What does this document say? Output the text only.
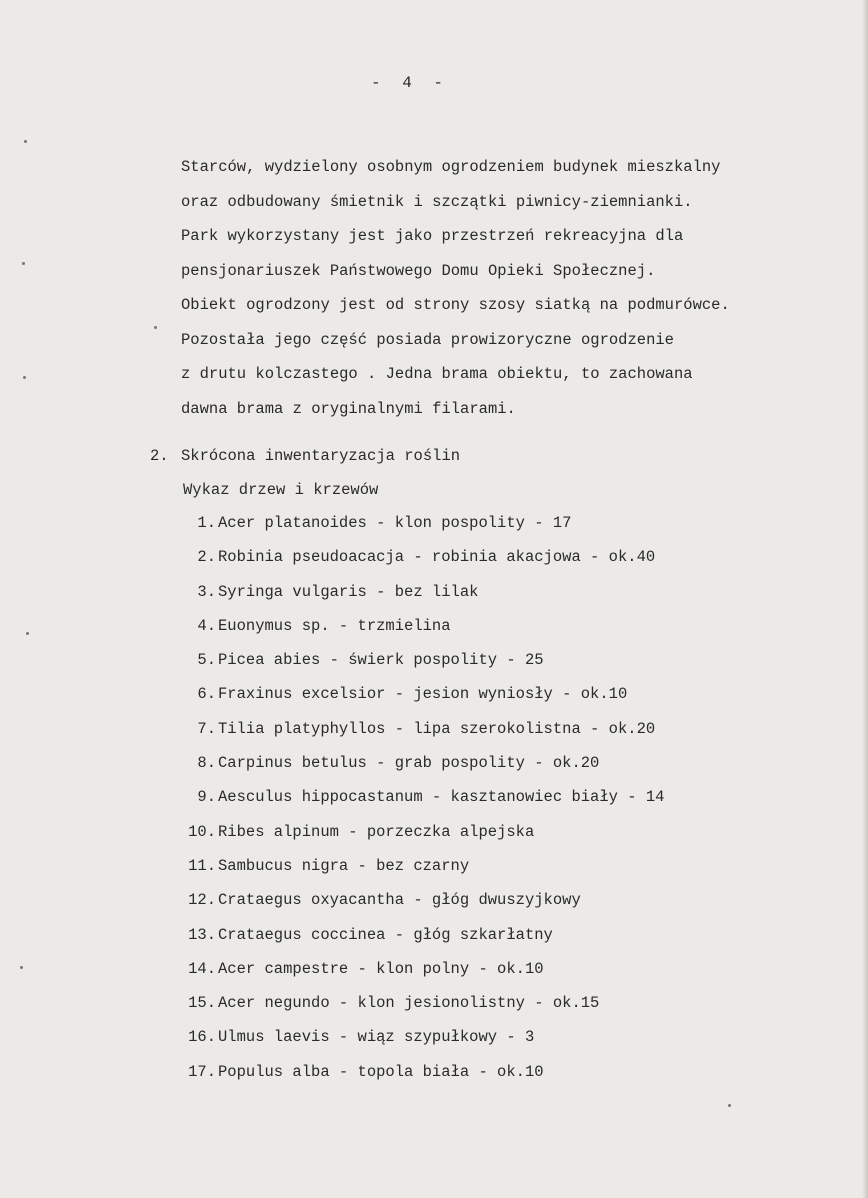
- 4 -
Starców, wydzielony osobnym ogrodzeniem budynek mieszkalny
oraz odbudowany śmietnik i szczątki piwnicy-ziemnianki.
Park wykorzystany jest jako przestrzeń rekreacyjna dla
pensjonariuszek Państwowego Domu Opieki Społecznej.
Obiekt ogrodzony jest od strony szosy siatką na podmurówce.
Pozostała jego część posiada prowizoryczne ogrodzenie
z drutu kolczastego . Jedna brama obiektu, to zachowana
dawna brama z oryginalnymi filarami.
2. Skrócona inwentaryzacja roślin
Wykaz drzew i krzewów
1. Acer platanoides - klon pospolity - 17
2. Robinia pseudoacacja - robinia akacjowa - ok.40
3. Syringa vulgaris - bez lilak
4. Euonymus sp. - trzmielina
5. Picea abies - świerk pospolity - 25
6. Fraxinus excelsior - jesion wyniosły - ok.10
7. Tilia platyphyllos - lipa szerokolistna - ok.20
8. Carpinus betulus - grab pospolity - ok.20
9. Aesculus hippocastanum - kasztanowiec biały - 14
10. Ribes alpinum - porzeczka alpejska
11. Sambucus nigra - bez czarny
12. Crataegus oxyacantha - głóg dwuszyjkowy
13. Crataegus coccinea - głóg szkarłatny
14. Acer campestre - klon polny - ok.10
15. Acer negundo - klon jesionolistny - ok.15
16. Ulmus laevis - wiąz szypułkowy - 3
17. Populus alba - topola biała - ok.10
